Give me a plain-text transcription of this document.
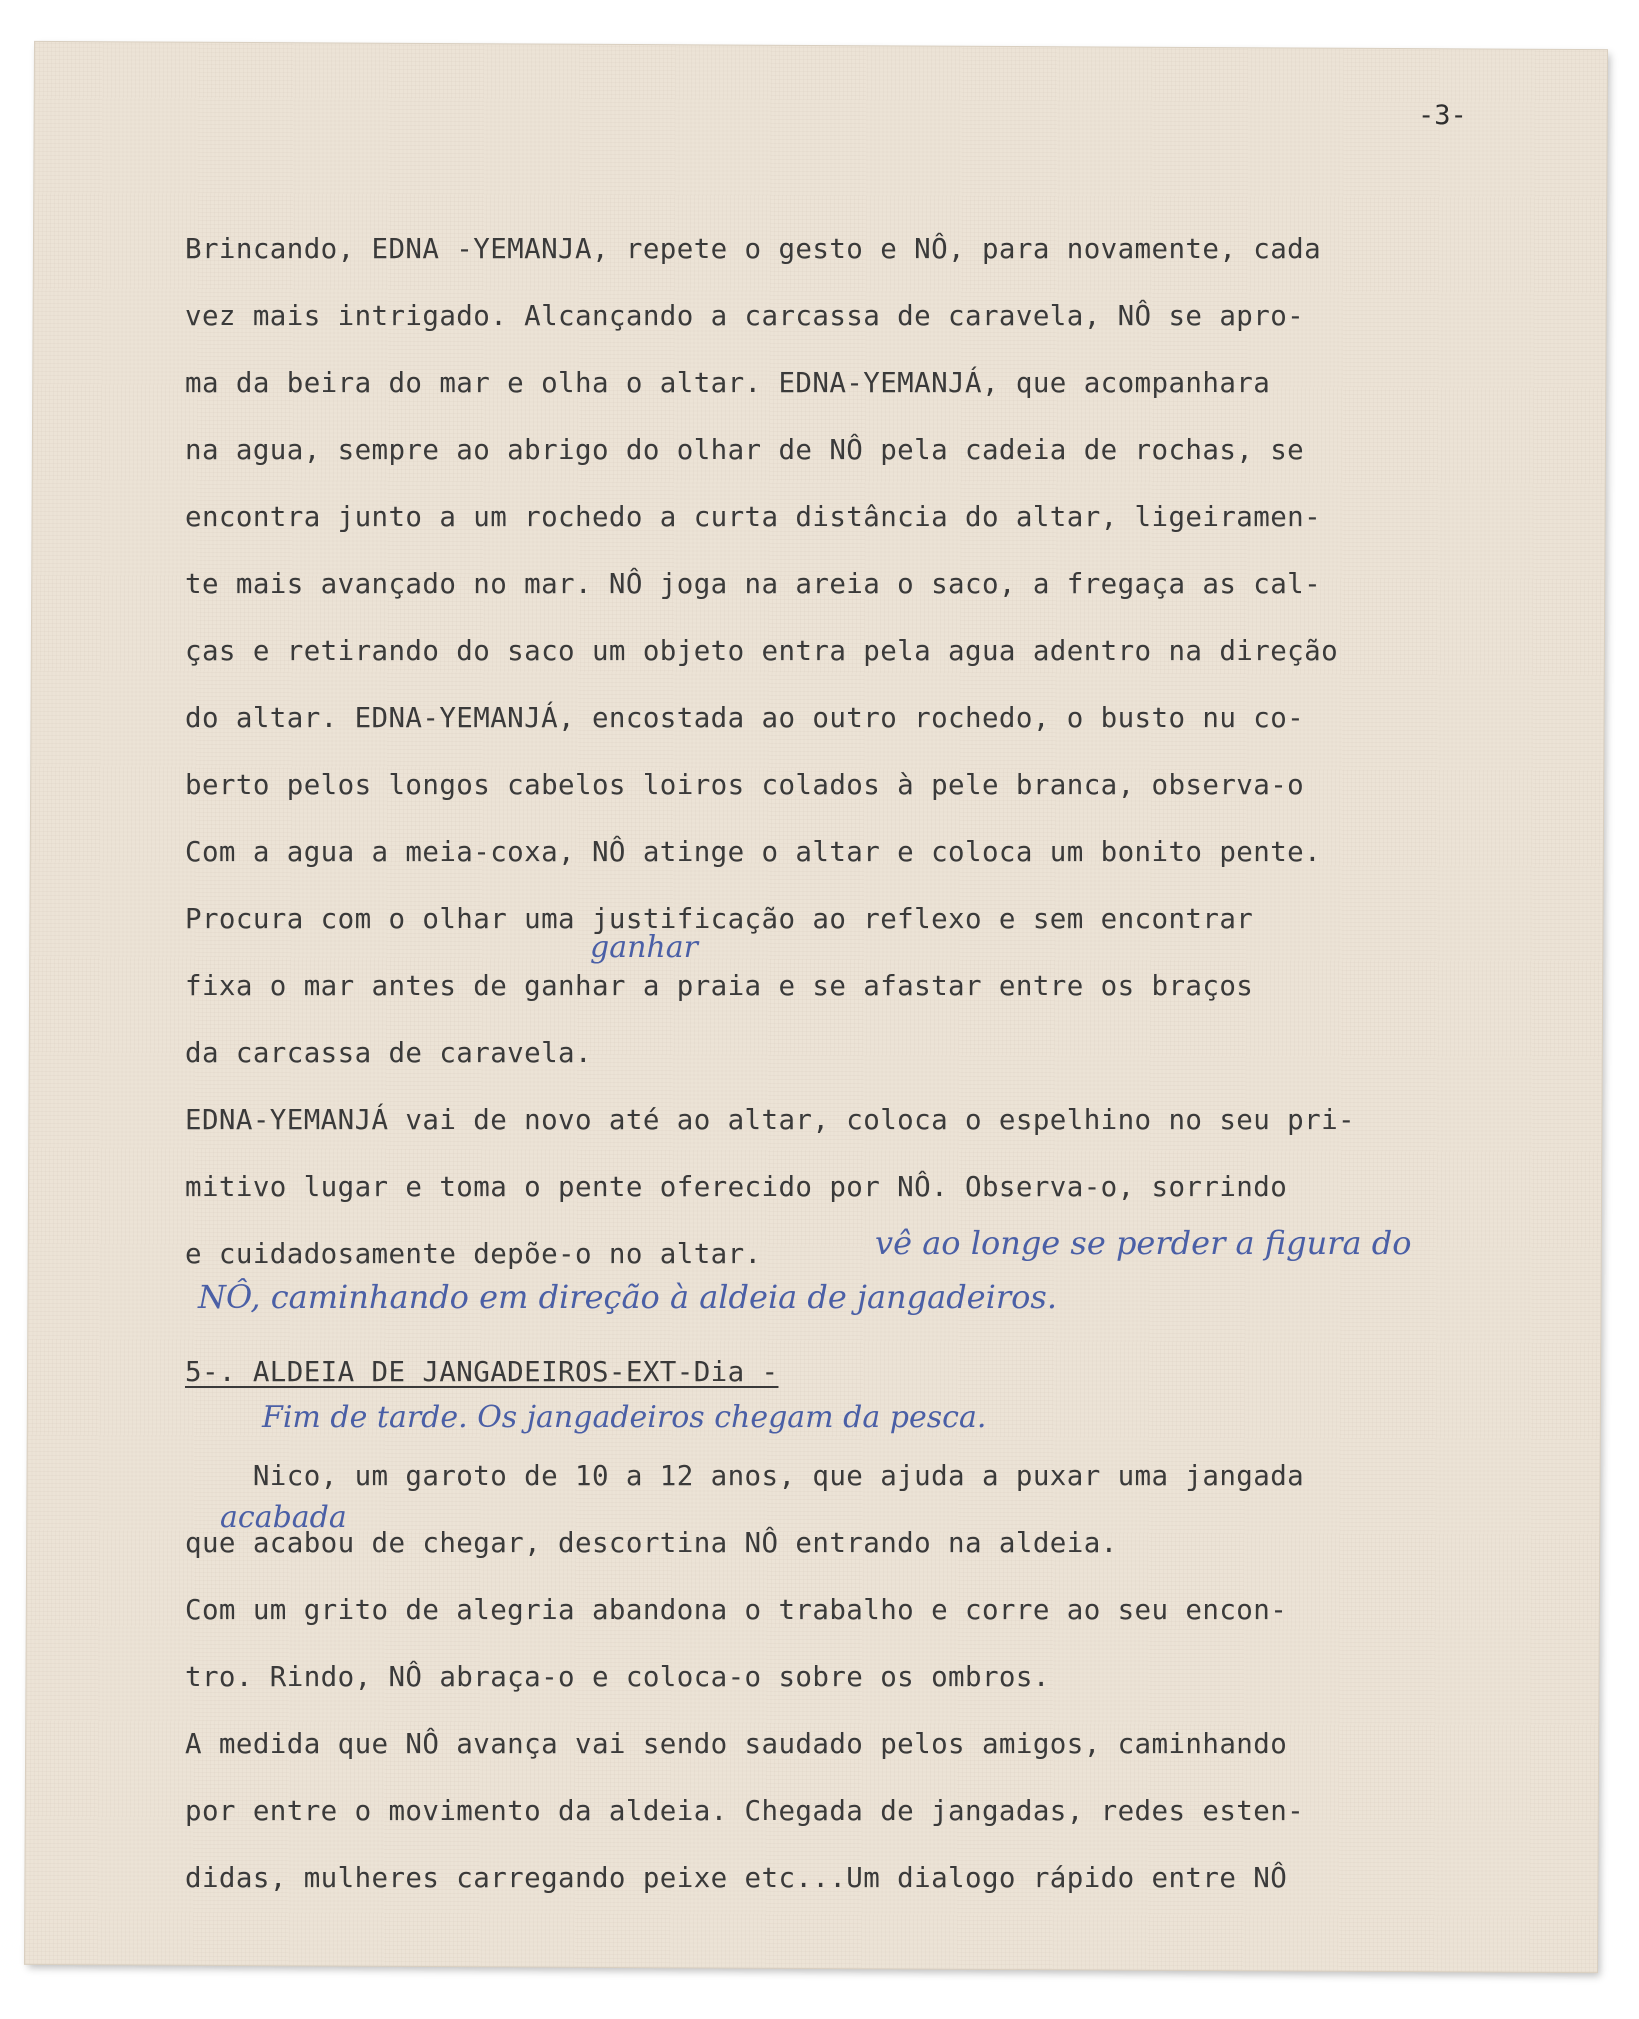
-3-
Brincando, EDNA -YEMANJA, repete o gesto e NÔ, para novamente, cada
vez mais intrigado. Alcançando a carcassa de caravela, NÔ se apro-
ma da beira do mar e olha o altar. EDNA-YEMANJÁ, que acompanhara
na agua, sempre ao abrigo do olhar de NÔ pela cadeia de rochas, se
encontra junto a um rochedo a curta distância do altar, ligeiramen-
te mais avançado no mar. NÔ joga na areia o saco, a fregaça as cal-
ças e retirando do saco um objeto entra pela agua adentro na direção
do altar. EDNA-YEMANJÁ, encostada ao outro rochedo, o busto nu co-
berto pelos longos cabelos loiros colados à pele branca, observa-o
Com a agua a meia-coxa, NÔ atinge o altar e coloca um bonito pente.
Procura com o olhar uma justificação ao reflexo e sem encontrar
fixa o mar antes de ganhar a praia e se afastar entre os braços
da carcassa de caravela.
EDNA-YEMANJÁ vai de novo até ao altar, coloca o espelhino no seu pri-
mitivo lugar e toma o pente oferecido por NÔ. Observa-o, sorrindo
e cuidadosamente depõe-o no altar.
ganhar
vê ao longe se perder a figura do
NÔ, caminhando em direção à aldeia de jangadeiros.
5-. ALDEIA DE JANGADEIROS-EXT-Dia -
Fim de tarde. Os jangadeiros chegam da pesca.
acabada
Nico, um garoto de 10 a 12 anos, que ajuda a puxar uma jangada
que acabou de chegar, descortina NÔ entrando na aldeia.
Com um grito de alegria abandona o trabalho e corre ao seu encon-
tro. Rindo, NÔ abraça-o e coloca-o sobre os ombros.
A medida que NÔ avança vai sendo saudado pelos amigos, caminhando
por entre o movimento da aldeia. Chegada de jangadas, redes esten-
didas, mulheres carregando peixe etc...Um dialogo rápido entre NÔ
